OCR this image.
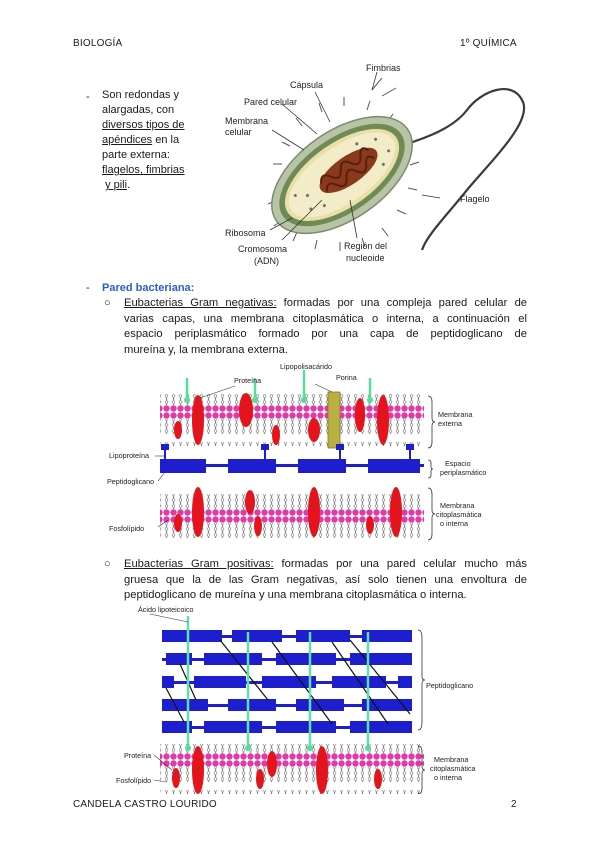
BIOLOGÍA	1º QUÍMICA
- Son redondas y
alargadas, con
diversos tipos de
apéndices en la
parte externa:
flagelos, fimbrias
y pili.
Fimbrias
Cápsula
Pared celular
Membrana
celular
Flagelo
Ribosoma
Cromosoma
(ADN)
Región del
nucleoide
- Pared bacteriana:
○ Eubacterias Gram negativas: formadas por una compleja pared celular de
varias capas, una membrana citoplasmática o interna, a continuación el
espacio periplasmático formado por una capa de peptidoglicano de
mureína y, la membrana externa.
Lipopolisacárido
Porina
Proteína
Lipoproteína
Peptidoglicano
Fosfolípido
Membrana
externa
Espacio
periplasmático
Membrana
citoplasmática
o interna
○ Eubacterias Gram positivas: formadas por una pared celular mucho más
gruesa que la de las Gram negativas, así solo tienen una envoltura de
peptidoglicano de mureína y una membrana citoplasmática o interna.
Ácido lipoteicoico
Peptidoglicano
Proteína
Fosfolípido
Membrana
citoplasmática
o interna
CANDELA CASTRO LOURIDO	2
